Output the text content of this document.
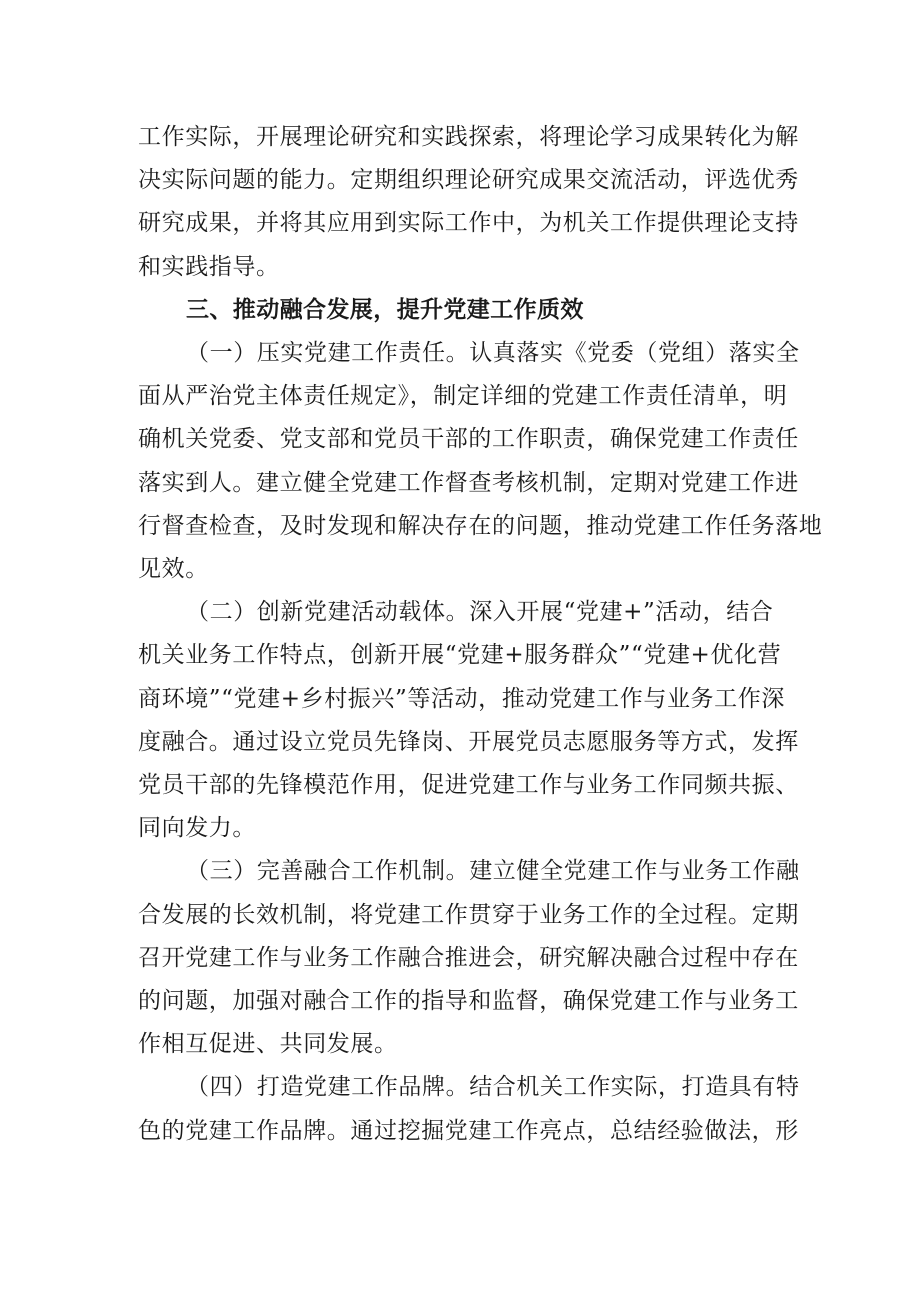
工作实际，开展理论研究和实践探索，将理论学习成果转化为解
决实际问题的能力。定期组织理论研究成果交流活动，评选优秀
研究成果，并将其应用到实际工作中，为机关工作提供理论支持
和实践指导。

三、推动融合发展，提升党建工作质效

（一）压实党建工作责任。认真落实《党委（党组）落实全
面从严治党主体责任规定》，制定详细的党建工作责任清单，明
确机关党委、党支部和党员干部的工作职责，确保党建工作责任
落实到人。建立健全党建工作督查考核机制，定期对党建工作进
行督查检查，及时发现和解决存在的问题，推动党建工作任务落地
见效。

（二）创新党建活动载体。深入开展“党建+”活动，结合
机关业务工作特点，创新开展“党建+服务群众”“党建+优化营
商环境”“党建+乡村振兴”等活动，推动党建工作与业务工作深
度融合。通过设立党员先锋岗、开展党员志愿服务等方式，发挥
党员干部的先锋模范作用，促进党建工作与业务工作同频共振、
同向发力。

（三）完善融合工作机制。建立健全党建工作与业务工作融
合发展的长效机制，将党建工作贯穿于业务工作的全过程。定期
召开党建工作与业务工作融合推进会，研究解决融合过程中存在
的问题，加强对融合工作的指导和监督，确保党建工作与业务工
作相互促进、共同发展。

（四）打造党建工作品牌。结合机关工作实际，打造具有特
色的党建工作品牌。通过挖掘党建工作亮点，总结经验做法，形
